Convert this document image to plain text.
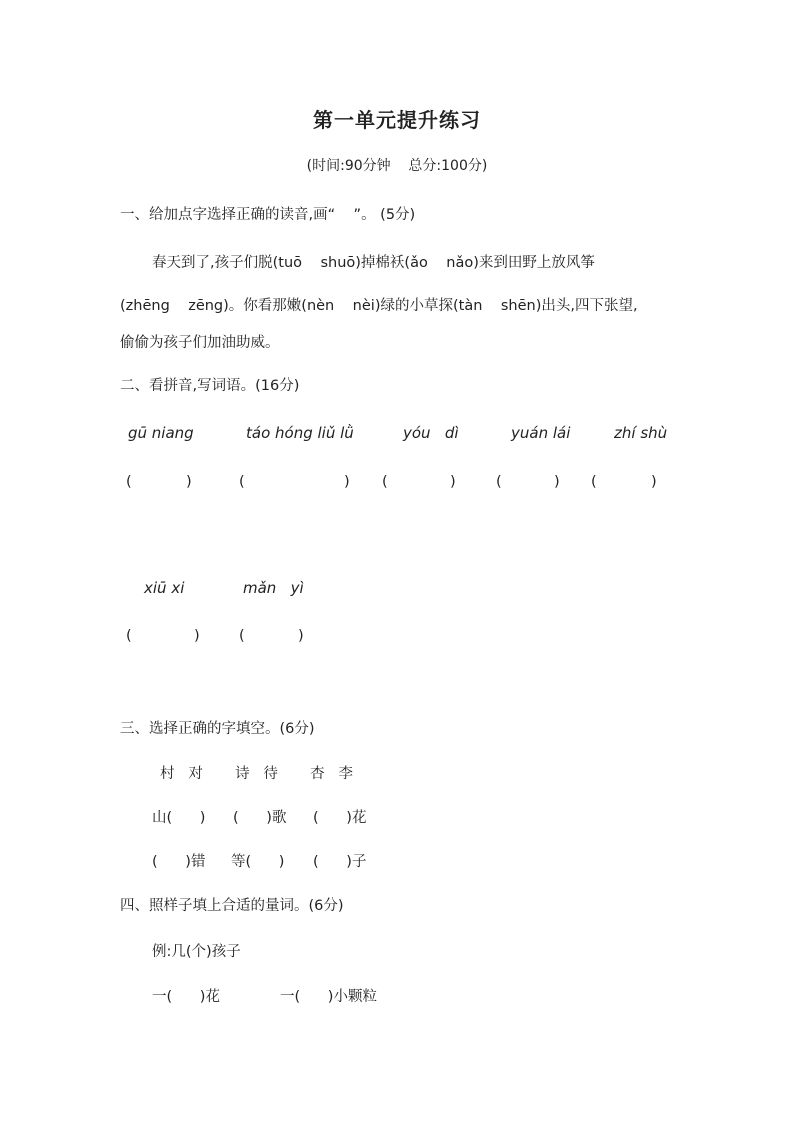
第一单元提升练习
(时间:90分钟    总分:100分)
一、给加点字选择正确的读音,画“    ”。 (5分)
春天到了,孩子们脱(tuō    shuō)掉棉袄(ǎo    nǎo)来到田野上放风筝
(zhēng    zēng)。你看那嫩(nèn    nèi)绿的小草探(tàn    shēn)出头,四下张望,
偷偷为孩子们加油助威。
二、看拼音,写词语。(16分)
gū niang	táo hóng liǔ lǜ	yóu   dì	yuán lái	zhí shù
(	)	(	) (	)	(	) (	)
xiū xi	mǎn   yì
(	)	(	)
三、选择正确的字填空。(6分)
村   对       诗   待       杏   李
山(      ) (      )歌 (      )花
(      )错 等(      ) (      )子
四、照样子填上合适的量词。(6分)
例:几(个)孩子
一(      )花	一(      )小颗粒
